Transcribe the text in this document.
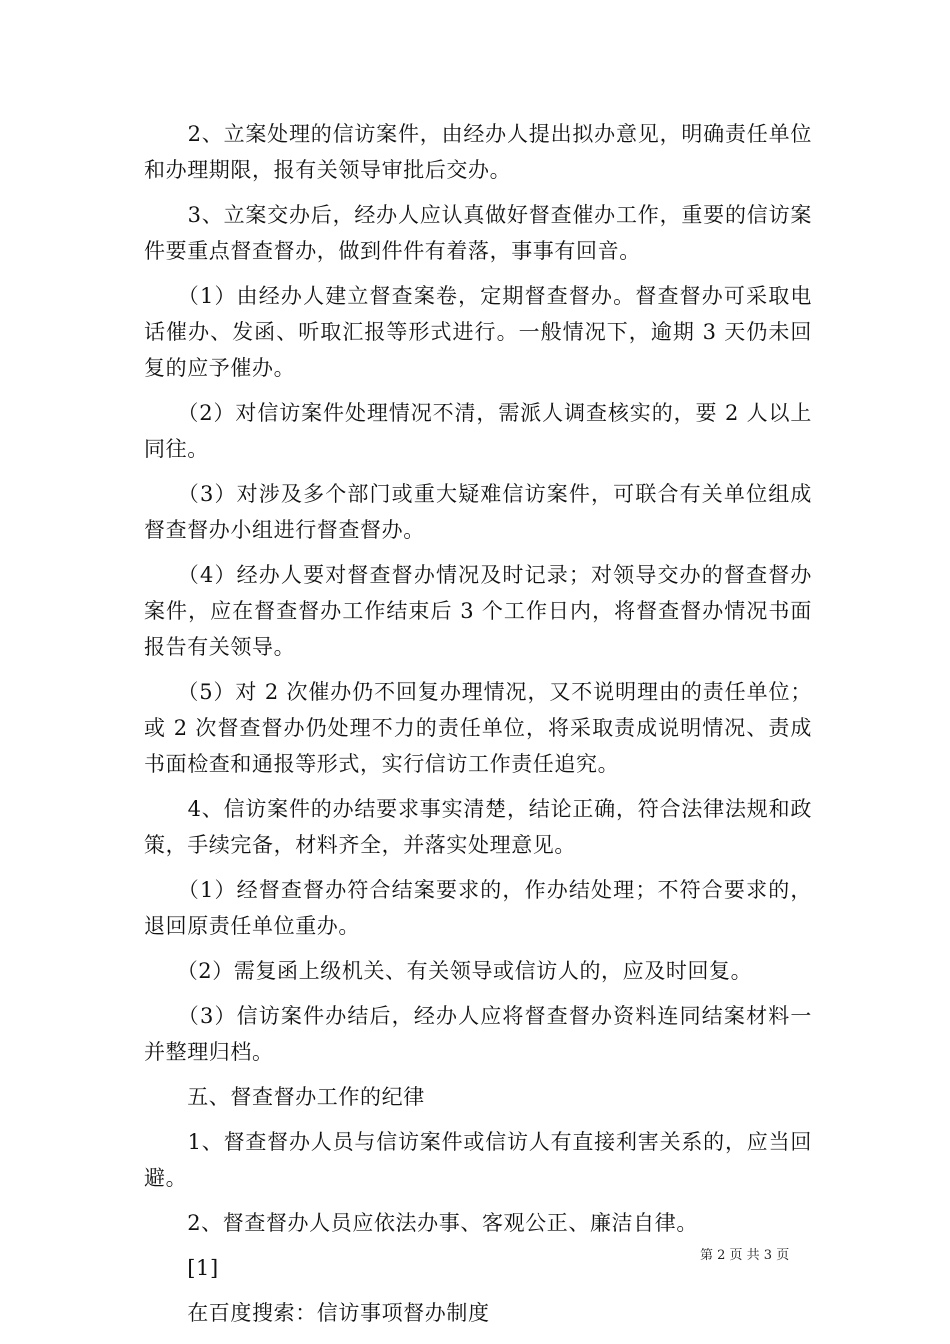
　　2、立案处理的信访案件，由经办人提出拟办意见，明确责任单位和办理期限，报有关领导审批后交办。

　　3、立案交办后，经办人应认真做好督查催办工作，重要的信访案件要重点督查督办，做到件件有着落，事事有回音。

　　（1）由经办人建立督查案卷，定期督查督办。督查督办可采取电话催办、发函、听取汇报等形式进行。一般情况下，逾期 3 天仍未回复的应予催办。

　　（2）对信访案件处理情况不清，需派人调查核实的，要 2 人以上同往。

　　（3）对涉及多个部门或重大疑难信访案件，可联合有关单位组成督查督办小组进行督查督办。

　　（4）经办人要对督查督办情况及时记录；对领导交办的督查督办案件，应在督查督办工作结束后 3 个工作日内，将督查督办情况书面报告有关领导。

　　（5）对 2 次催办仍不回复办理情况，又不说明理由的责任单位；或 2 次督查督办仍处理不力的责任单位，将采取责成说明情况、责成书面检查和通报等形式，实行信访工作责任追究。

　　4、信访案件的办结要求事实清楚，结论正确，符合法律法规和政策，手续完备，材料齐全，并落实处理意见。

　　（1）经督查督办符合结案要求的，作办结处理；不符合要求的，退回原责任单位重办。

　　（2）需复函上级机关、有关领导或信访人的，应及时回复。

　　（3）信访案件办结后，经办人应将督查督办资料连同结案材料一并整理归档。

　　五、督查督办工作的纪律

　　1、督查督办人员与信访案件或信访人有直接利害关系的，应当回避。

　　2、督查督办人员应依法办事、客观公正、廉洁自律。

　　[1]

　　在百度搜索：信访事项督办制度

第 2 页 共 3 页
